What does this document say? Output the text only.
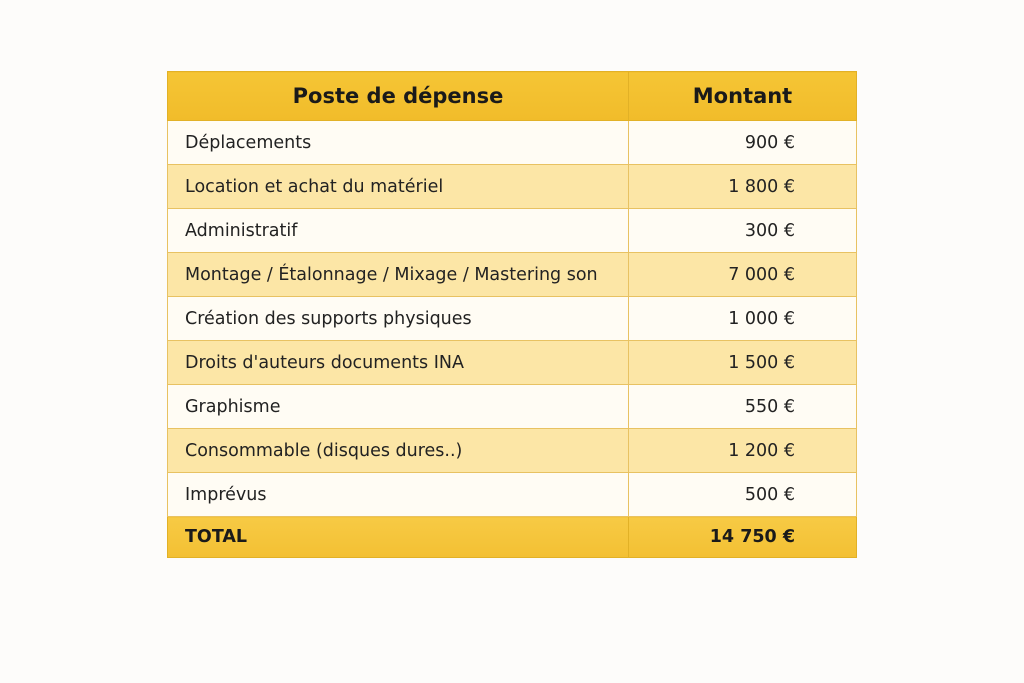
Poste de dépense	Montant
Déplacements	900 €
Location et achat du matériel	1 800 €
Administratif	300 €
Montage / Étalonnage / Mixage / Mastering son	7 000 €
Création des supports physiques	1 000 €
Droits d'auteurs documents INA	1 500 €
Graphisme	550 €
Consommable (disques dures..)	1 200 €
Imprévus	500 €
TOTAL	14 750 €
